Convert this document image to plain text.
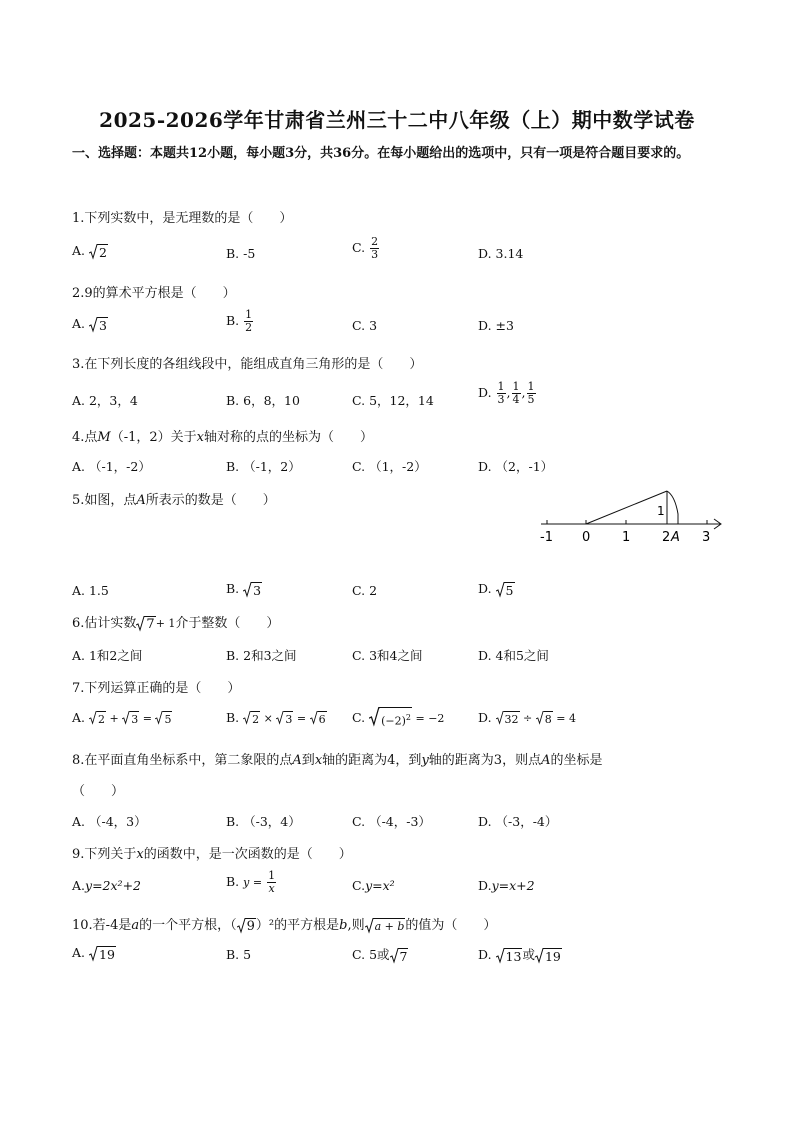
2025-2026学年甘肃省兰州三十二中八年级（上）期中数学试卷
一、选择题：本题共12小题，每小题3分，共36分。在每小题给出的选项中，只有一项是符合题目要求的。
1.下列实数中，是无理数的是（　　）
A. 2	B. -5	C. $\frac{2}{3}$	D. 3.14
2.9的算术平方根是（　　）
A. 3	B. $\frac{1}{2}$	C. 3	D. ±3
3.在下列长度的各组线段中，能组成直角三角形的是（　　）
A. 2，3，4	B. 6，8，10	C. 5，12，14
D. $\frac{1}{3}$ , $\frac{1}{4}$ , $\frac{1}{5}$
4.点M（-1，2）关于x轴对称的点的坐标为（　　）
A. （-1，-2）	B. （-1，2）	C. （1，-2）	D. （2，-1）
5.如图，点A所表示的数是（　　）
1
-1 0 1 2 A 3
A. 1.5	B. 3	C. 2	D. 5
6.估计实数 7 + 1介于整数（　　）
A. 1和2之间	B. 2和3之间	C. 3和4之间	D. 4和5之间
7.下列运算正确的是（　　）
A. 2 + 3 = 5	B. 2 × 3 = 6 C. $(-2)^2 = -2$	D. 32 ÷ 8 = 4
8.在平面直角坐标系中，第二象限的点A到x轴的距离为4，到y轴的距离为3，则点A的坐标是
（　　）
A. （-4，3）	B. （-3，4）	C. （-4，-3）	D. （-3，-4）
9.下列关于x的函数中，是一次函数的是（　　）
A.y=2x²+2	B. $y = \frac{1}{x}$	C.y=x²	D.y=x+2
10.若-4是a的一个平方根，（ 9 ）²的平方根是b,则 a + b 的值为（　　）
A. 19	B. 5	C. 5或 7	D. 13 或 19
